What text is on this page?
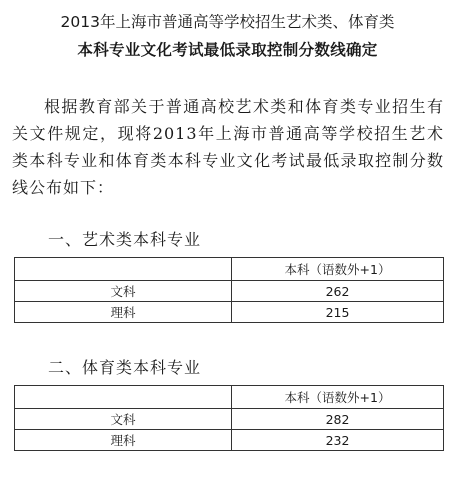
2013年上海市普通高等学校招生艺术类、体育类
本科专业文化考试最低录取控制分数线确定
根据教育部关于普通高校艺术类和体育类专业招生有关文件规定，现将2013年上海市普通高等学校招生艺术类本科专业和体育类本科专业文化考试最低录取控制分数线公布如下：
一、艺术类本科专业
	本科（语数外+1）
文科	262
理科	215
二、体育类本科专业
	本科（语数外+1）
文科	282
理科	232
